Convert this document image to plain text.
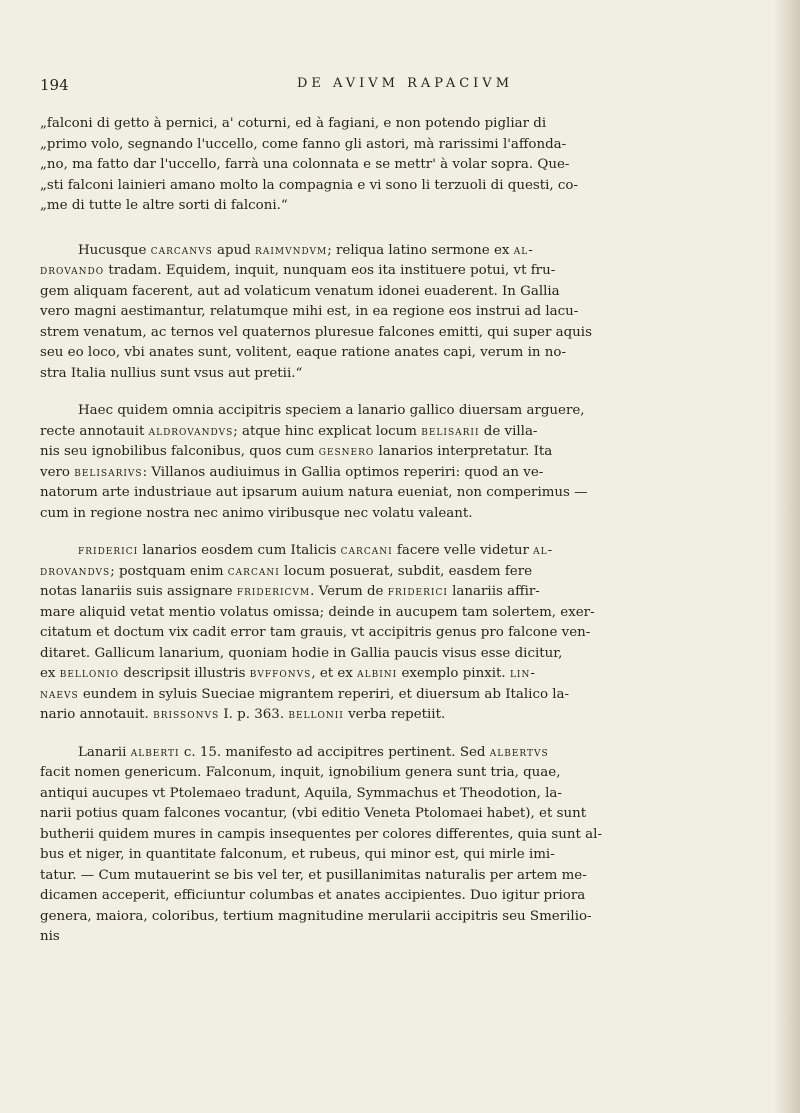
194	DE AVIVM RAPACIVM
„falconi di getto à pernici, a' coturni, ed à fagiani, e non potendo pigliar di
„primo volo, segnando l'uccello, come fanno gli astori, mà rarissimi l'affonda-
„no, ma fatto dar l'uccello, farrà una colonnata e se mettr' à volar sopra. Que-
„sti falconi lainieri amano molto la compagnia e vi sono li terzuoli di questi, co-
„me di tutte le altre sorti di falconi.“
Hucusque carcanvs apud raimvndvm; reliqua latino sermone ex al-
drovando tradam. Equidem, inquit, nunquam eos ita instituere potui, vt fru-
gem aliquam facerent, aut ad volaticum venatum idonei euaderent. In Gallia
vero magni aestimantur, relatumque mihi est, in ea regione eos instrui ad lacu-
strem venatum, ac ternos vel quaternos pluresue falcones emitti, qui super aquis
seu eo loco, vbi anates sunt, volitent, eaque ratione anates capi, verum in no-
stra Italia nullius sunt vsus aut pretii.“
Haec quidem omnia accipitris speciem a lanario gallico diuersam arguere,
recte annotauit aldrovandvs; atque hinc explicat locum belisarii de villa-
nis seu ignobilibus falconibus, quos cum gesnero lanarios interpretatur. Ita
vero belisarivs: Villanos audiuimus in Gallia optimos reperiri: quod an ve-
natorum arte industriaue aut ipsarum auium natura eueniat, non comperimus —
cum in regione nostra nec animo viribusque nec volatu valeant.
friderici lanarios eosdem cum Italicis carcani facere velle videtur al-
drovandvs; postquam enim carcani locum posuerat, subdit, easdem fere
notas lanariis suis assignare fridericvm. Verum de friderici lanariis affir-
mare aliquid vetat mentio volatus omissa; deinde in aucupem tam solertem, exer-
citatum et doctum vix cadit error tam grauis, vt accipitris genus pro falcone ven-
ditaret. Gallicum lanarium, quoniam hodie in Gallia paucis visus esse dicitur,
ex bellonio descripsit illustris bvffonvs, et ex albini exemplo pinxit. lin-
naevs eundem in syluis Sueciae migrantem reperiri, et diuersum ab Italico la-
nario annotauit. brissonvs I. p. 363. bellonii verba repetiit.
Lanarii alberti c. 15. manifesto ad accipitres pertinent. Sed albertvs
facit nomen genericum. Falconum, inquit, ignobilium genera sunt tria, quae,
antiqui aucupes vt Ptolemaeo tradunt, Aquila, Symmachus et Theodotion, la-
narii potius quam falcones vocantur, (vbi editio Veneta Ptolomaei habet), et sunt
butherii quidem mures in campis insequentes per colores differentes, quia sunt al-
bus et niger, in quantitate falconum, et rubeus, qui minor est, qui mirle imi-
tatur. — Cum mutauerint se bis vel ter, et pusillanimitas naturalis per artem me-
dicamen acceperit, efficiuntur columbas et anates accipientes. Duo igitur priora
genera, maiora, coloribus, tertium magnitudine merularii accipitris seu Smerilio-
nis
